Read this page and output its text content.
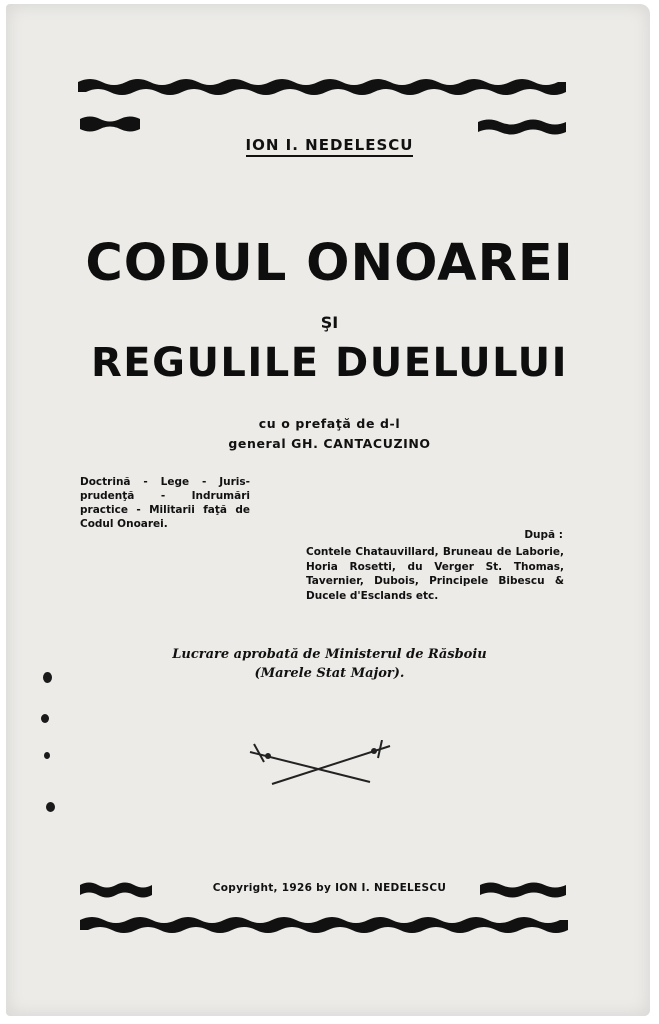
ION I. NEDELESCU
CODUL ONOAREI
ŞI
REGULILE DUELULUI
cu o prefaţă de d-l
general GH. CANTACUZINO
Doctrină - Lege - Juris- prudenţă - Indrumări practice - Militarii faţă de Codul Onoarei.
După :
Contele Chatauvillard, Bruneau de Laborie, Horia Rosetti, du Verger St. Thomas, Tavernier, Dubois, Principele Bibescu & Ducele d'Esclands etc.
Lucrare aprobată de Ministerul de Răsboiu
(Marele Stat Major).
Copyright, 1926 by ION I. NEDELESCU
